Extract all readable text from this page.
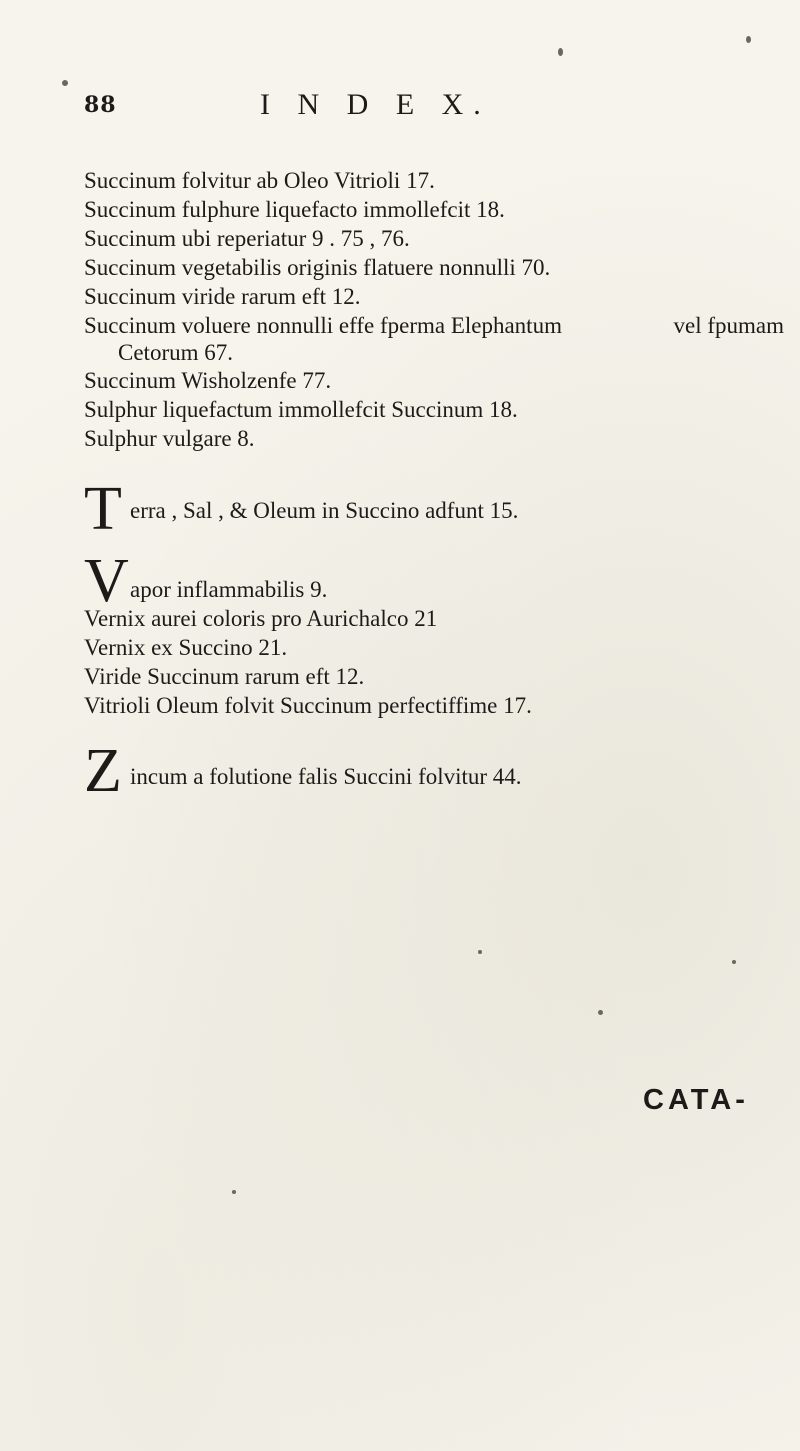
88	I N D E X.
Succinum folvitur ab Oleo Vitrioli 17.
Succinum fulphure liquefacto immollefcit 18.
Succinum ubi reperiatur 9 . 75 , 76.
Succinum vegetabilis originis flatuere nonnulli 70.
Succinum viride rarum eft 12.
Succinum voluere nonnulli effe fperma Elephantum	vel fpumam
Cetorum 67.
Succinum Wisholzenfe 77.
Sulphur liquefactum immollefcit Succinum 18.
Sulphur vulgare 8.
T erra , Sal , & Oleum in Succino adfunt 15.
V apor inflammabilis 9.
Vernix aurei coloris pro Aurichalco 21
Vernix ex Succino 21.
Viride Succinum rarum eft 12.
Vitrioli Oleum folvit Succinum perfectiffime 17.
Z incum a folutione falis Succini folvitur 44.
CATA-
